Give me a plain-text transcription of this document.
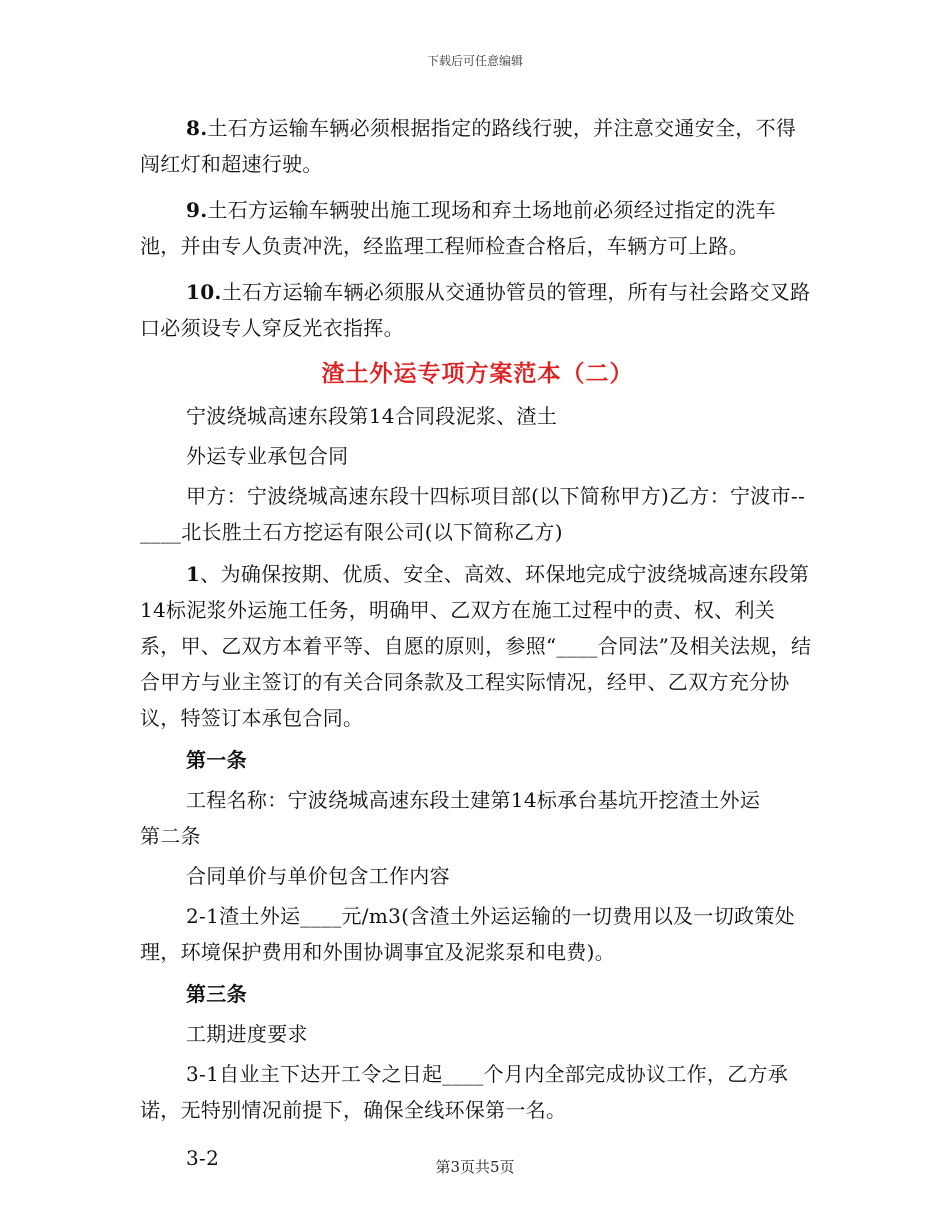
下载后可任意编辑

8.土石方运输车辆必须根据指定的路线行驶，并注意交通安全，不得闯红灯和超速行驶。

9.土石方运输车辆驶出施工现场和弃土场地前必须经过指定的洗车池，并由专人负责冲洗，经监理工程师检查合格后，车辆方可上路。

10.土石方运输车辆必须服从交通协管员的管理，所有与社会路交叉路口必须设专人穿反光衣指挥。

渣土外运专项方案范本（二）

宁波绕城高速东段第14合同段泥浆、渣土

外运专业承包合同

甲方：宁波绕城高速东段十四标项目部(以下简称甲方)乙方：宁波市--____北长胜土石方挖运有限公司(以下简称乙方)

1、为确保按期、优质、安全、高效、环保地完成宁波绕城高速东段第14标泥浆外运施工任务，明确甲、乙双方在施工过程中的责、权、利关系，甲、乙双方本着平等、自愿的原则，参照“____合同法”及相关法规，结合甲方与业主签订的有关合同条款及工程实际情况，经甲、乙双方充分协议，特签订本承包合同。

第一条

工程名称：宁波绕城高速东段土建第14标承台基坑开挖渣土外运

第二条

合同单价与单价包含工作内容

2-1渣土外运____元/m3(含渣土外运运输的一切费用以及一切政策处理，环境保护费用和外围协调事宜及泥浆泵和电费)。

第三条

工期进度要求

3-1自业主下达开工令之日起____个月内全部完成协议工作，乙方承诺，无特别情况前提下，确保全线环保第一名。

3-2	第3页共5页
